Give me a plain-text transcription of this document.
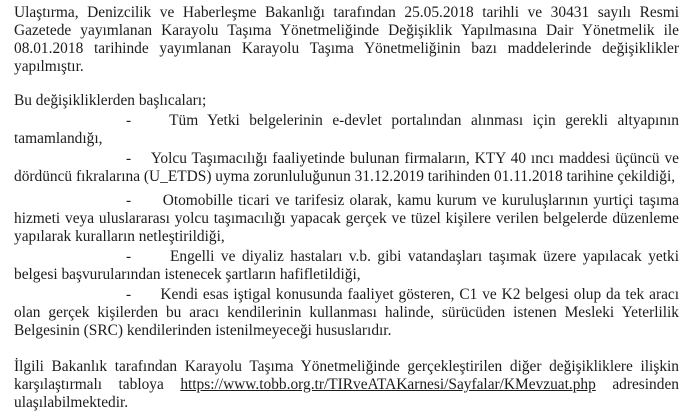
Ulaştırma, Denizcilik ve Haberleşme Bakanlığı tarafından 25.05.2018 tarihli ve 30431 sayılı Resmi Gazetede yayımlanan Karayolu Taşıma Yönetmeliğinde Değişiklik Yapılmasına Dair Yönetmelik ile 08.01.2018 tarihinde yayımlanan Karayolu Taşıma Yönetmeliğinin bazı maddelerinde değişiklikler yapılmıştır.

Bu değişikliklerden başlıcaları;

- Tüm Yetki belgelerinin e-devlet portalından alınması için gerekli altyapının tamamlandığı,
- Yolcu Taşımacılığı faaliyetinde bulunan firmaların, KTY 40 ıncı maddesi üçüncü ve dördüncü fıkralarına (U_ETDS) uyma zorunluluğunun 31.12.2019 tarihinden 01.11.2018 tarihine çekildiği,
- Otomobille ticari ve tarifesiz olarak, kamu kurum ve kuruluşlarının yurtiçi taşıma hizmeti veya uluslararası yolcu taşımacılığı yapacak gerçek ve tüzel kişilere verilen belgelerde düzenleme yapılarak kuralların netleştirildiği,
-	Engelli ve diyaliz hastaları v.b. gibi vatandaşları taşımak üzere yapılacak yetki belgesi başvurularından istenecek şartların hafifletildiği,
- Kendi esas iştigal konusunda faaliyet gösteren, C1 ve K2 belgesi olup da tek aracı olan gerçek kişilerden bu aracı kendilerinin kullanması halinde, sürücüden istenen Mesleki Yeterlilik Belgesinin (SRC) kendilerinden istenilmeyeceği hususlarıdır.

İlgili Bakanlık tarafından Karayolu Taşıma Yönetmeliğinde gerçekleştirilen diğer değişikliklere ilişkin karşılaştırmalı tabloya https://www.tobb.org.tr/TIRveATAKarnesi/Sayfalar/KMevzuat.php adresinden ulaşılabilmektedir.
